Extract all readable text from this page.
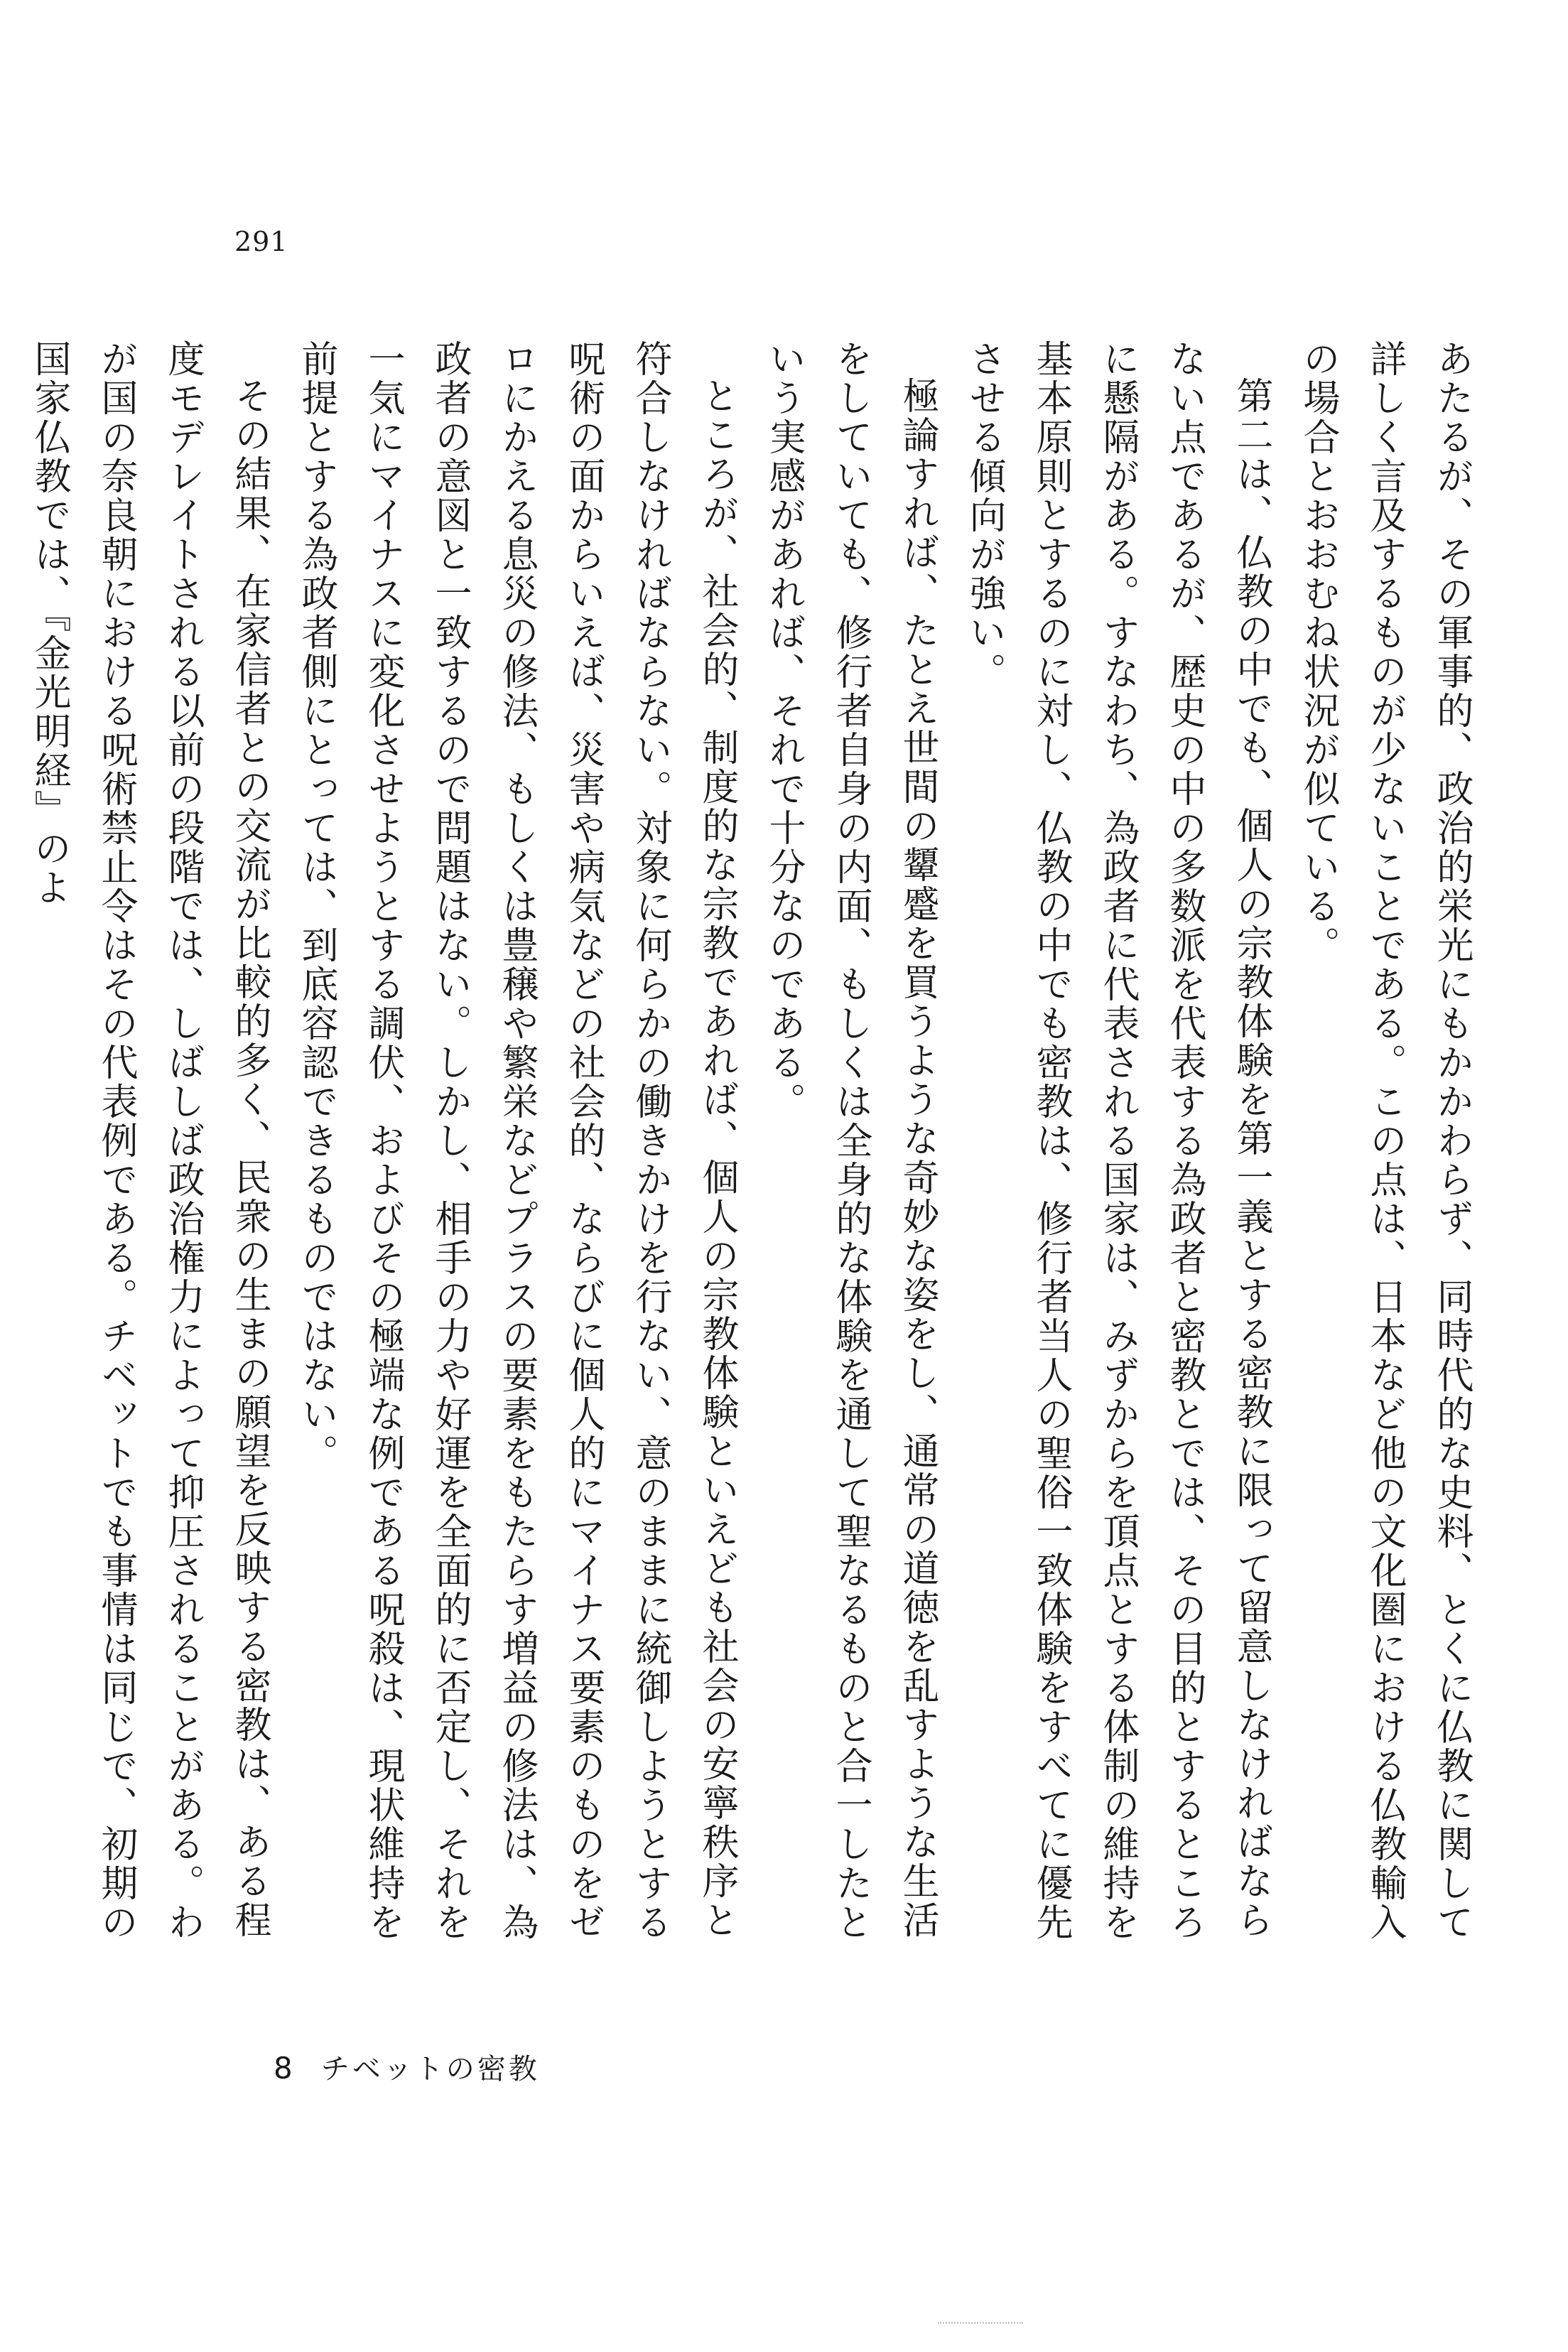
291

あたるが、その軍事的、政治的栄光にもかかわらず、同時代的な史料、とくに仏教に関して詳しく言及するものが少ないことである。この点は、日本など他の文化圏における仏教輸入の場合とおおむね状況が似ている。

第二は、仏教の中でも、個人の宗教体験を第一義とする密教に限って留意しなければならない点であるが、歴史の中の多数派を代表する為政者と密教とでは、その目的とするところに懸隔がある。すなわち、為政者に代表される国家は、みずからを頂点とする体制の維持を基本原則とするのに対し、仏教の中でも密教は、修行者当人の聖俗一致体験をすべてに優先させる傾向が強い。

極論すれば、たとえ世間の顰蹙を買うような奇妙な姿をし、通常の道徳を乱すような生活をしていても、修行者自身の内面、もしくは全身的な体験を通して聖なるものと合一したという実感があれば、それで十分なのである。

ところが、社会的、制度的な宗教であれば、個人の宗教体験といえども社会の安寧秩序と符合しなければならない。対象に何らかの働きかけを行ない、意のままに統御しようとする呪術の面からいえば、災害や病気などの社会的、ならびに個人的にマイナス要素のものをゼロにかえる息災の修法、もしくは豊穣や繁栄などプラスの要素をもたらす増益の修法は、為政者の意図と一致するので問題はない。しかし、相手の力や好運を全面的に否定し、それを一気にマイナスに変化させようとする調伏、およびその極端な例である呪殺は、現状維持を前提とする為政者側にとっては、到底容認できるものではない。

その結果、在家信者との交流が比較的多く、民衆の生まの願望を反映する密教は、ある程度モデレイトされる以前の段階では、しばしば政治権力によって抑圧されることがある。わが国の奈良朝における呪術禁止令はその代表例である。チベットでも事情は同じで、初期の国家仏教では、『金光明経』のよ

8 チベットの密教
